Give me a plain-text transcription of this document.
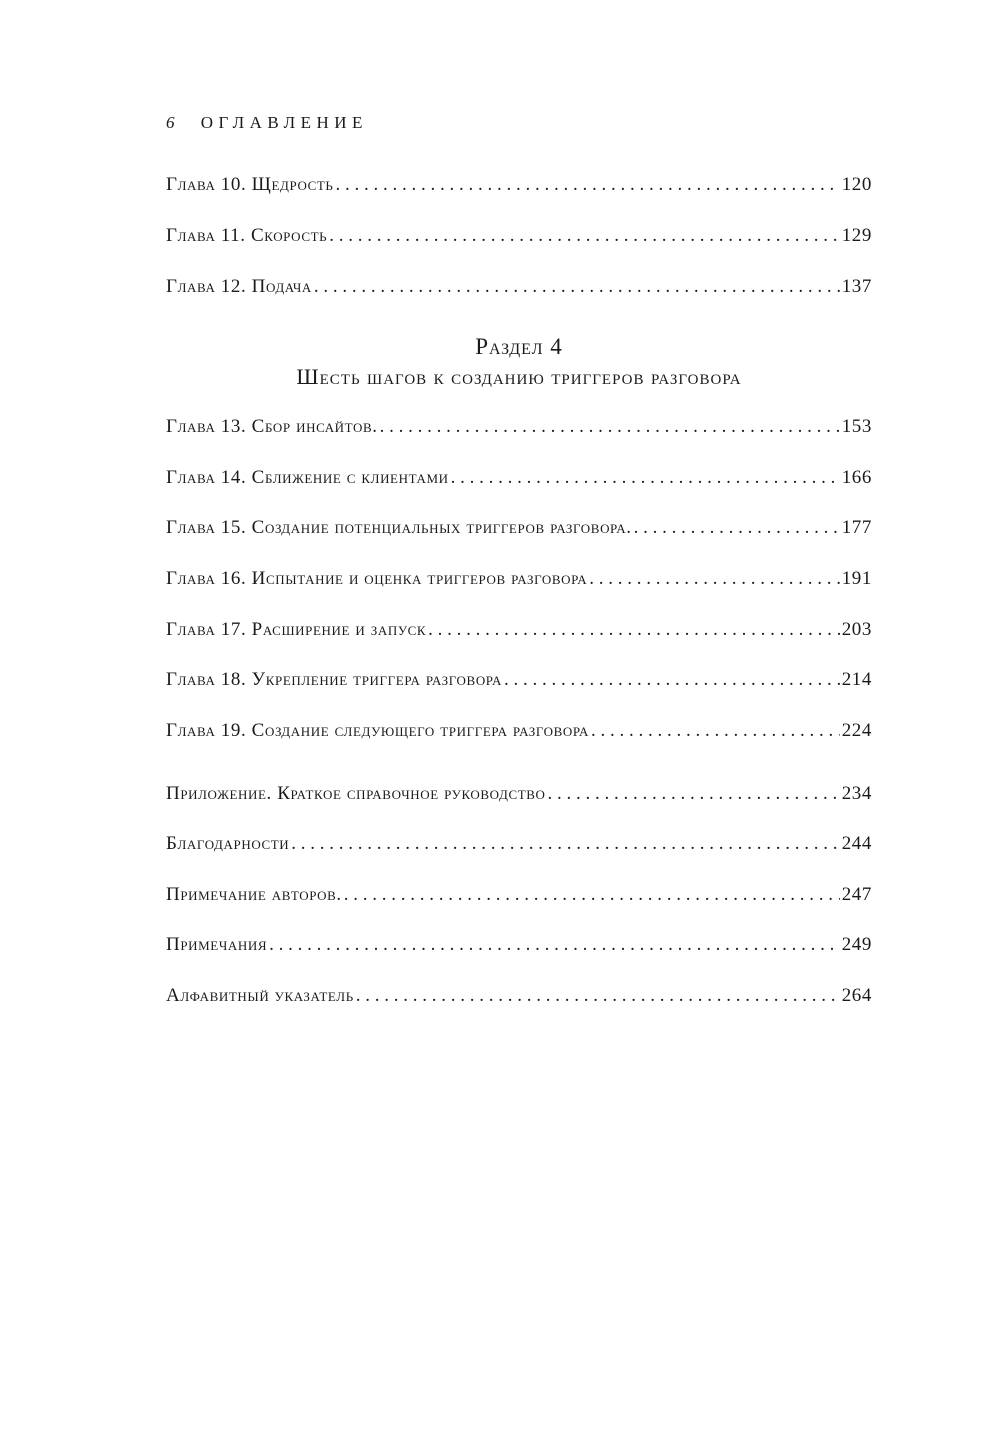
6 ОГЛАВЛЕНИЕ
Глава 10. Щедрость . . .	120
Глава 11. Скорость . . .	129
Глава 12. Подача . . .	137
Раздел 4
Шесть шагов к созданию триггеров разговора
Глава 13. Сбор инсайтов. . . .	153
Глава 14. Сближение с клиентами . . .	166
Глава 15. Создание потенциальных триггеров разговора. . . .	177
Глава 16. Испытание и оценка триггеров разговора . . .	191
Глава 17. Расширение и запуск . . .	203
Глава 18. Укрепление триггера разговора . . .	214
Глава 19. Создание следующего триггера разговора . . .	224
Приложение. Краткое справочное руководство . . .	234
Благодарности . . .	244
Примечание авторов. . . .	247
Примечания . . .	249
Алфавитный указатель . . .	264
